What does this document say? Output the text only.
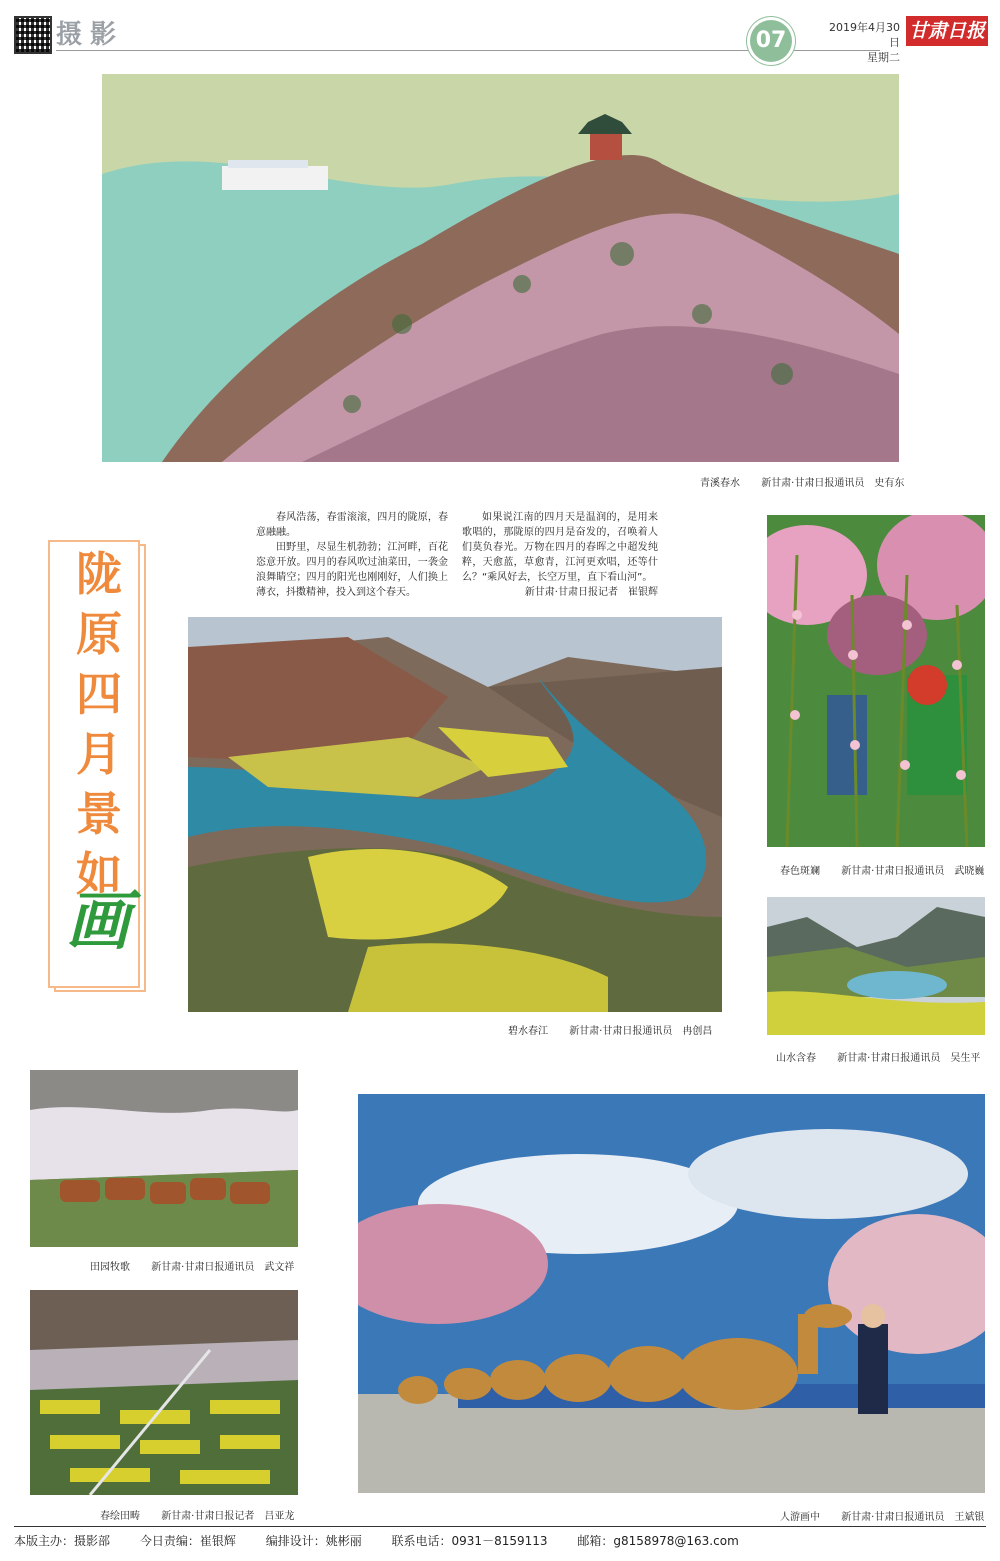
摄影	07
2019年4月30日
星期二
甘肃日报
青溪春水 新甘肃·甘肃日报通讯员　史有东
陇
原
四
月
景
如
画

春风浩荡，春雷滚滚，四月的陇原，春意融融。

田野里，尽显生机勃勃；江河畔，百花恣意开放。四月的春风吹过油菜田，一袭金浪舞睛空；四月的阳光也刚刚好，人们换上薄衣，抖擞精神，投入到这个春天。

如果说江南的四月天是温润的，是用来歌唱的，那陇原的四月是奋发的，召唤着人们莫负春光。万物在四月的春晖之中超发纯粹，天愈蓝，草愈青，江河更欢唱，还等什么？“乘风好去，长空万里，直下看山河”。

新甘肃·甘肃日报记者　崔银辉
碧水春江 新甘肃·甘肃日报通讯员　冉创昌
春色斑斓 新甘肃·甘肃日报通讯员　武晓巍
山水含春 新甘肃·甘肃日报通讯员　吴生平
田园牧歌 新甘肃·甘肃日报通讯员　武文祥
春绘田畴 新甘肃·甘肃日报记者　吕亚龙	人游画中 新甘肃·甘肃日报通讯员　王斌银
本版主办：摄影部 今日责编：崔银辉 编排设计：姚彬丽 联系电话：0931－8159113 邮箱：g8158978@163.com
